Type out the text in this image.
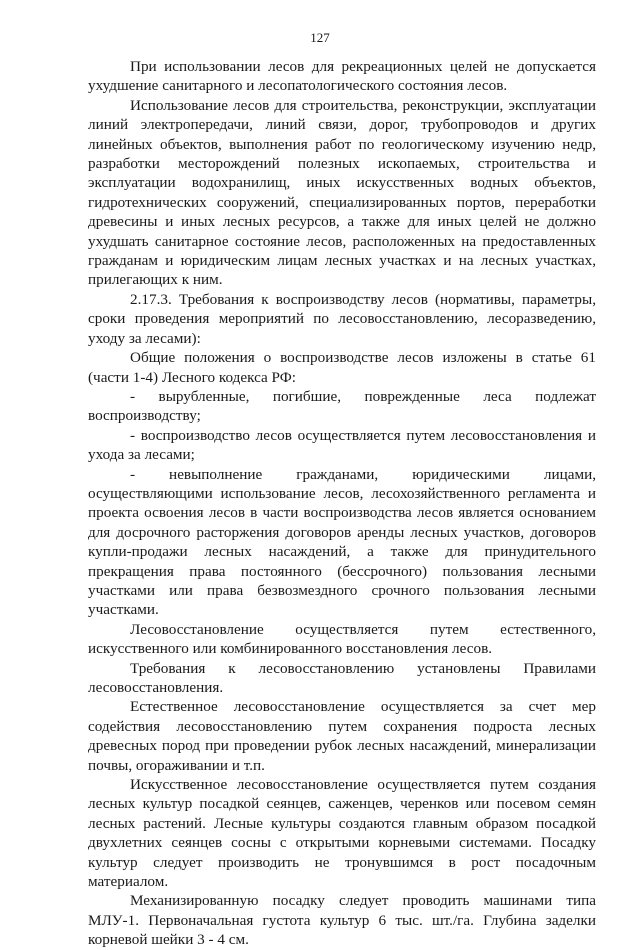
127

При использовании лесов для рекреационных целей не допускается ухудшение санитарного и лесопатологического состояния лесов.

Использование лесов для строительства, реконструкции, эксплуатации линий электропередачи, линий связи, дорог, трубопроводов и других линейных объектов, выполнения работ по геологическому изучению недр, разработки месторождений полезных ископаемых, строительства и эксплуатации водохранилищ, иных искусственных водных объектов, гидротехнических сооружений, специализированных портов, переработки древесины и иных лесных ресурсов, а также для иных целей не должно ухудшать санитарное состояние лесов, расположенных на предоставленных гражданам и юридическим лицам лесных участках и на лесных участках, прилегающих к ним.

2.17.3. Требования к воспроизводству лесов (нормативы, параметры, сроки проведения мероприятий по лесовосстановлению, лесоразведению, уходу за лесами):

Общие положения о воспроизводстве лесов изложены в статье 61 (части 1-4) Лесного кодекса РФ:

- вырубленные, погибшие, поврежденные леса подлежат воспроизводству;

- воспроизводство лесов осуществляется путем лесовосстановления и ухода за лесами;

- невыполнение гражданами, юридическими лицами, осуществляющими использование лесов, лесохозяйственного регламента и проекта освоения лесов в части воспроизводства лесов является основанием для досрочного расторжения договоров аренды лесных участков, договоров купли-продажи лесных насаждений, а также для принудительного прекращения права постоянного (бессрочного) пользования лесными участками или права безвозмездного срочного пользования лесными участками.

Лесовосстановление осуществляется путем естественного, искусственного или комбинированного восстановления лесов.

Требования к лесовосстановлению установлены Правилами лесовосстановления.

Естественное лесовосстановление осуществляется за счет мер содействия лесовосстановлению путем сохранения подроста лесных древесных пород при проведении рубок лесных насаждений, минерализации почвы, огораживании и т.п.

Искусственное лесовосстановление осуществляется путем создания лесных культур посадкой сеянцев, саженцев, черенков или посевом семян лесных растений. Лесные культуры создаются главным образом посадкой двухлетних сеянцев сосны с открытыми корневыми системами. Посадку культур следует производить не тронувшимся в рост посадочным материалом.

Механизированную посадку следует проводить машинами типа МЛУ-1. Первоначальная густота культур 6 тыс. шт./га. Глубина заделки корневой шейки 3 - 4 см.
